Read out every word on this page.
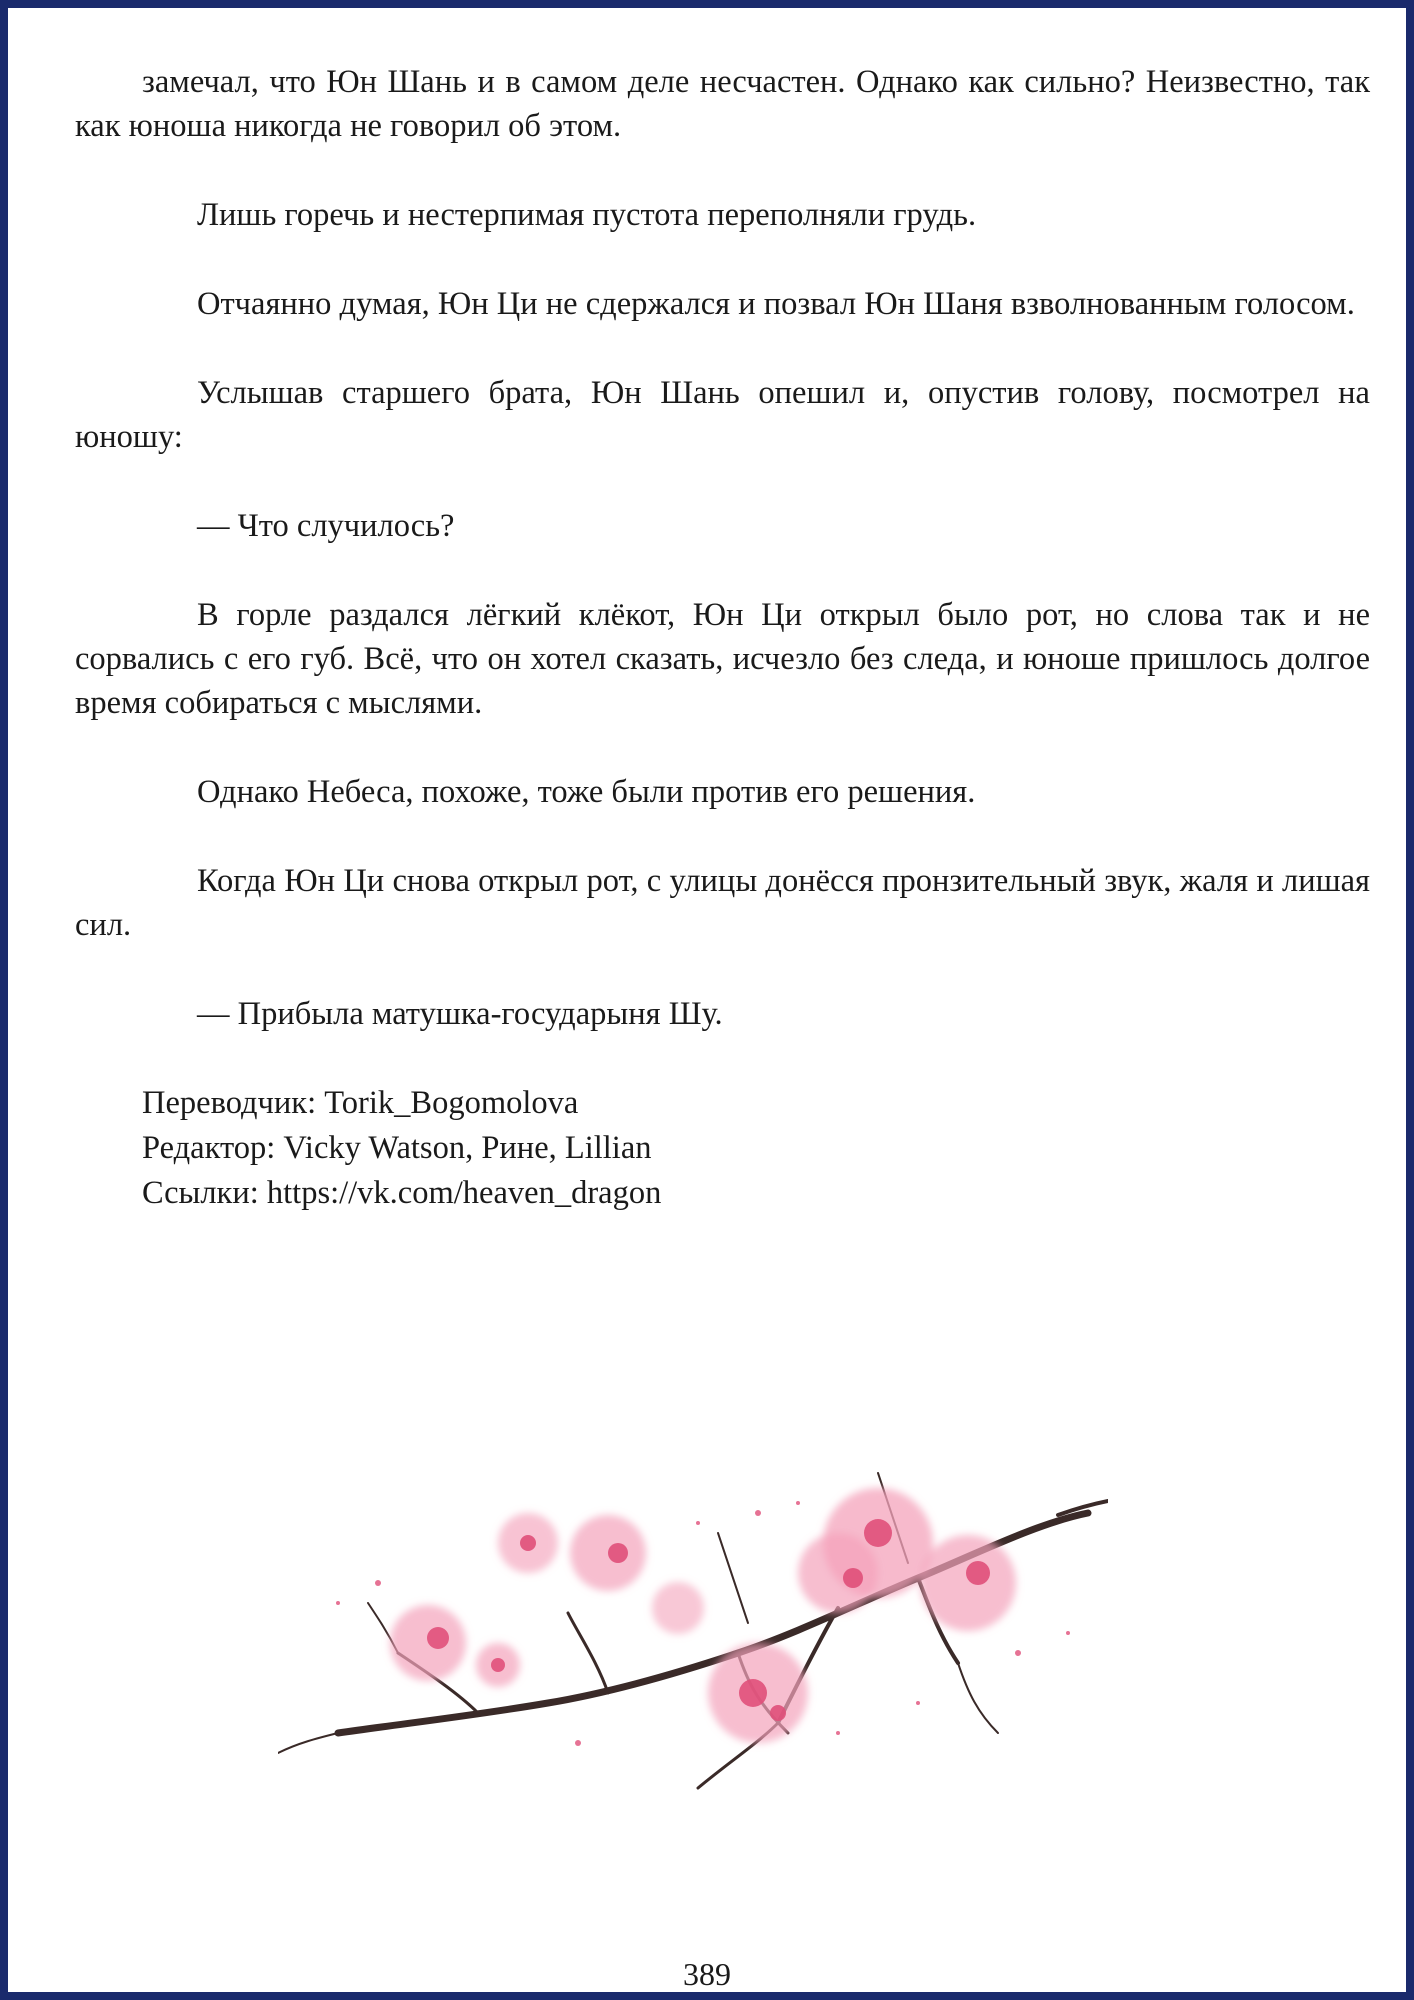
замечал, что Юн Шань и в самом деле несчастен. Однако как сильно? Неизвестно, так как юноша никогда не говорил об этом.

Лишь горечь и нестерпимая пустота переполняли грудь.

Отчаянно думая, Юн Ци не сдержался и позвал Юн Шаня взволнованным голосом.

Услышав старшего брата, Юн Шань опешил и, опустив голову, посмотрел на юношу:

— Что случилось?

В горле раздался лёгкий клёкот, Юн Ци открыл было рот, но слова так и не сорвались с его губ. Всё, что он хотел сказать, исчезло без следа, и юноше пришлось долгое время собираться с мыслями.

Однако Небеса, похоже, тоже были против его решения.

Когда Юн Ци снова открыл рот, с улицы донёсся пронзительный звук, жаля и лишая сил.

— Прибыла матушка-государыня Шу.

Переводчик: Torik_Bogomolova
Редактор: Vicky Watson, Рине, Lillian
Ссылки: https://vk.com/heaven_dragon
389
